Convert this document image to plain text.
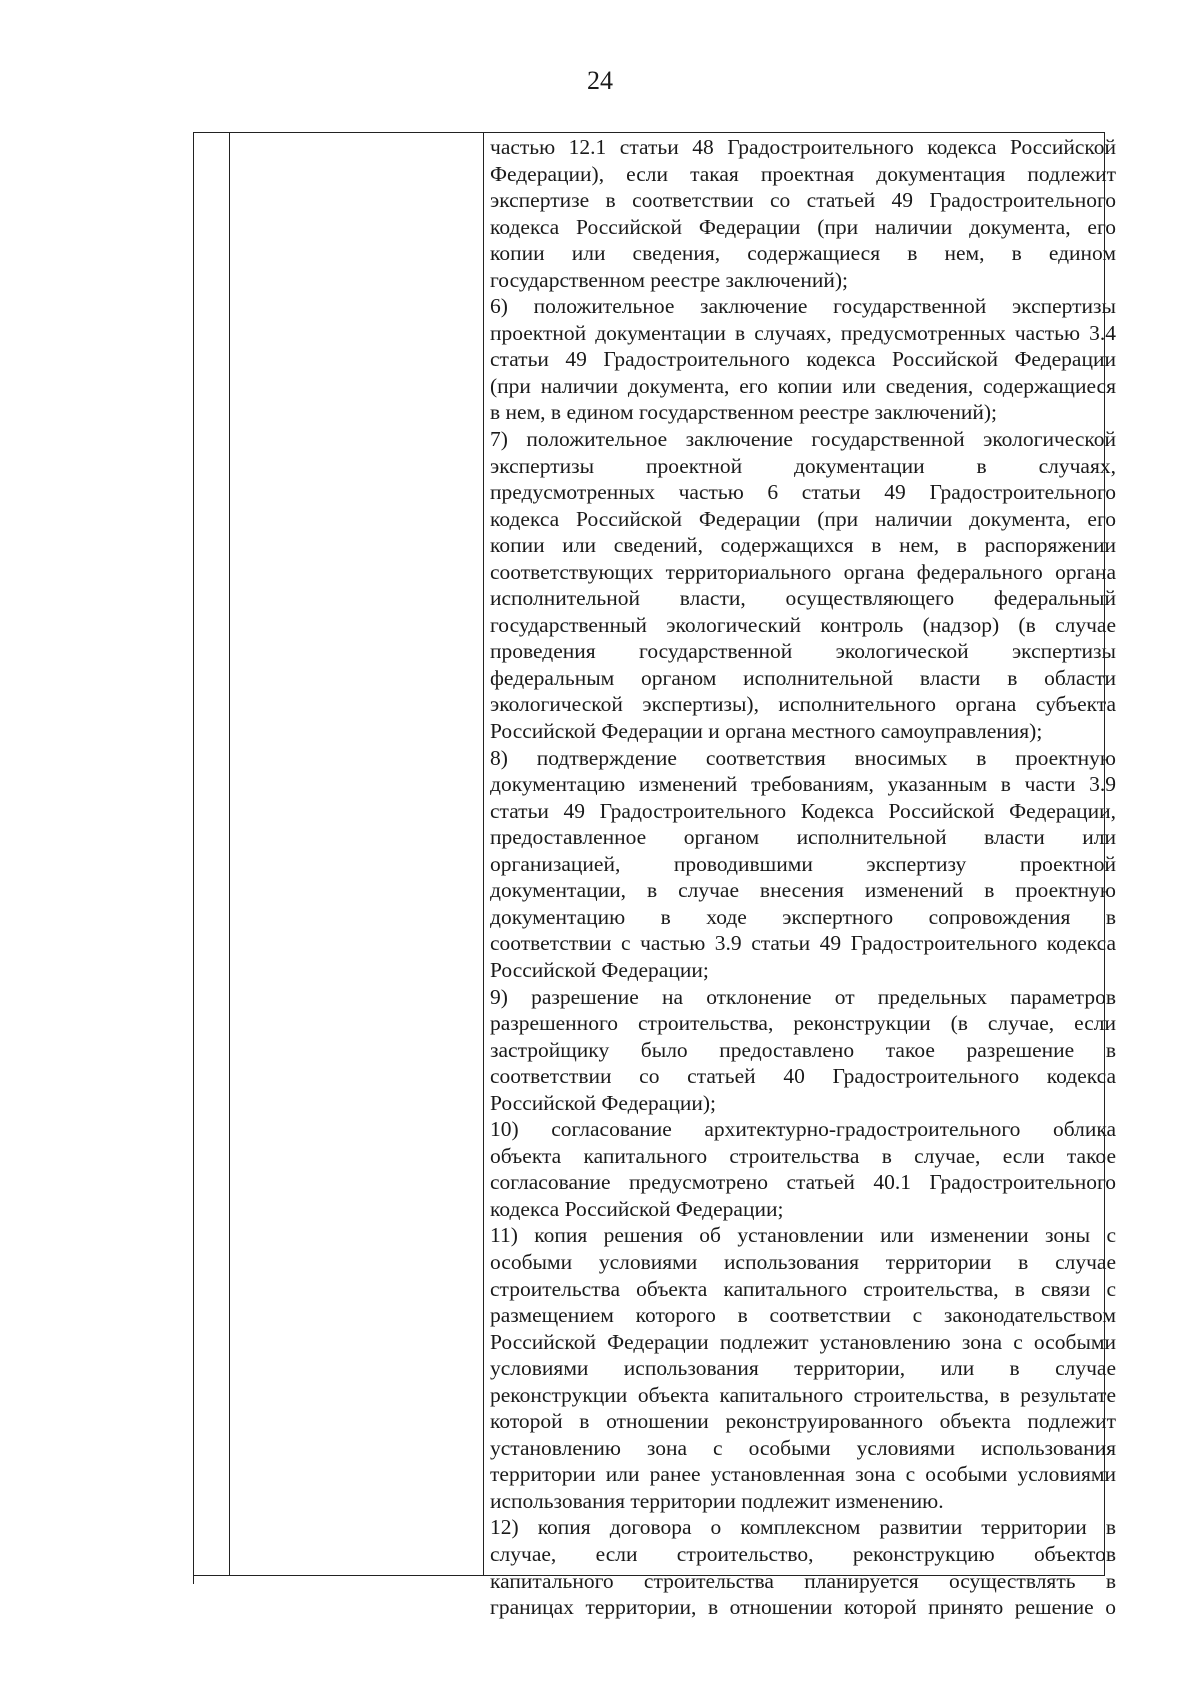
24
частью 12.1 статьи 48 Градостроительного кодекса Российской
Федерации), если такая проектная документация подлежит
экспертизе в соответствии со статьей 49 Градостроительного
кодекса Российской Федерации (при наличии документа, его
копии или сведения, содержащиеся в нем, в едином
государственном реестре заключений);
6) положительное заключение государственной экспертизы
проектной документации в случаях, предусмотренных частью 3.4
статьи 49 Градостроительного кодекса Российской Федерации
(при наличии документа, его копии или сведения, содержащиеся
в нем, в едином государственном реестре заключений);
7) положительное заключение государственной экологической
экспертизы проектной документации в случаях,
предусмотренных частью 6 статьи 49 Градостроительного
кодекса Российской Федерации (при наличии документа, его
копии или сведений, содержащихся в нем, в распоряжении
соответствующих территориального органа федерального органа
исполнительной власти, осуществляющего федеральный
государственный экологический контроль (надзор) (в случае
проведения государственной экологической экспертизы
федеральным органом исполнительной власти в области
экологической экспертизы), исполнительного органа субъекта
Российской Федерации и органа местного самоуправления);
8) подтверждение соответствия вносимых в проектную
документацию изменений требованиям, указанным в части 3.9
статьи 49 Градостроительного Кодекса Российской Федерации,
предоставленное органом исполнительной власти или
организацией, проводившими экспертизу проектной
документации, в случае внесения изменений в проектную
документацию в ходе экспертного сопровождения в
соответствии с частью 3.9 статьи 49 Градостроительного кодекса
Российской Федерации;
9) разрешение на отклонение от предельных параметров
разрешенного строительства, реконструкции (в случае, если
застройщику было предоставлено такое разрешение в
соответствии со статьей 40 Градостроительного кодекса
Российской Федерации);
10) согласование архитектурно-градостроительного облика
объекта капитального строительства в случае, если такое
согласование предусмотрено статьей 40.1 Градостроительного
кодекса Российской Федерации;
11) копия решения об установлении или изменении зоны с
особыми условиями использования территории в случае
строительства объекта капитального строительства, в связи с
размещением которого в соответствии с законодательством
Российской Федерации подлежит установлению зона с особыми
условиями использования территории, или в случае
реконструкции объекта капитального строительства, в результате
которой в отношении реконструированного объекта подлежит
установлению зона с особыми условиями использования
территории или ранее установленная зона с особыми условиями
использования территории подлежит изменению.
12) копия договора о комплексном развитии территории в
случае, если строительство, реконструкцию объектов
капитального строительства планируется осуществлять в
границах территории, в отношении которой принято решение о
